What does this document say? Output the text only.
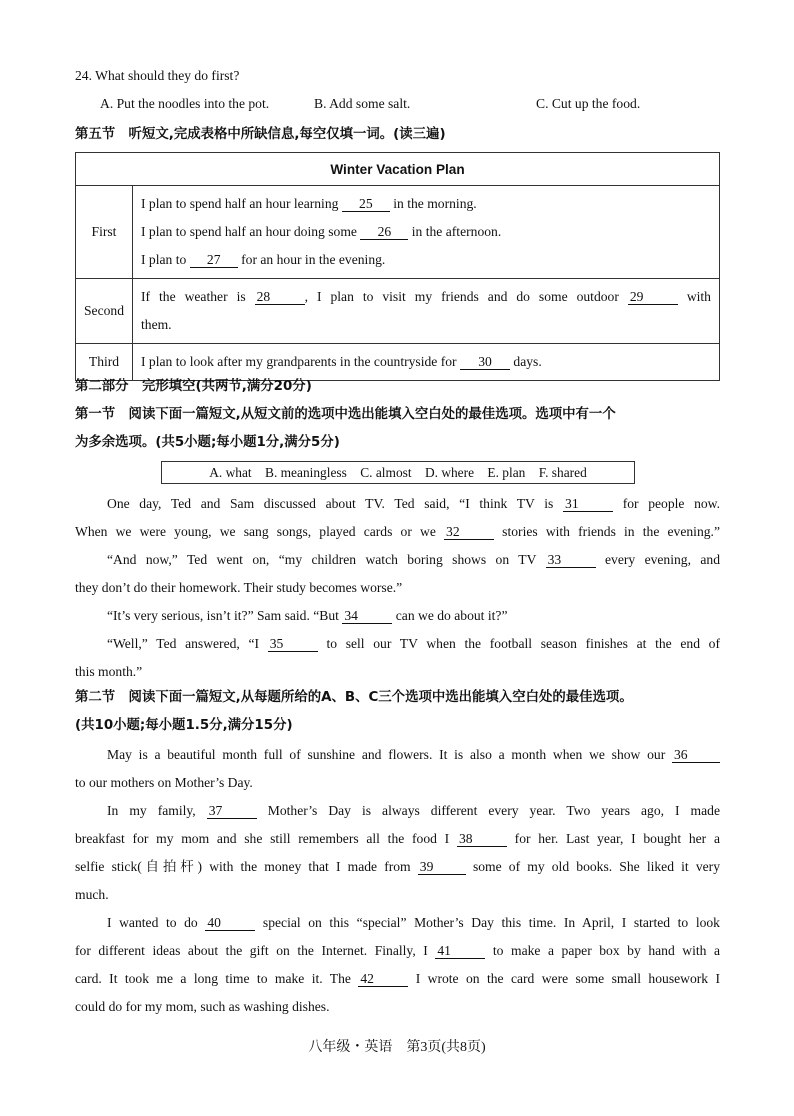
24. What should they do first?
A. Put the noodles into the pot.	B. Add some salt.	C. Cut up the food.
第五节　听短文,完成表格中所缺信息,每空仅填一词。(读三遍)
Winter Vacation Plan	
First	I plan to spend half an hour learning 25 in the morning.
I plan to spend half an hour doing some 26 in the afternoon.
I plan to 27 for an hour in the evening.

Second	If the weather is 28 , I plan to visit my friends and do some outdoor 29 with
them.

Third	I plan to look after my grandparents in the countryside for 30 days.
第二部分　完形填空(共两节,满分20分)
第一节　阅读下面一篇短文,从短文前的选项中选出能填入空白处的最佳选项。选项中有一个
为多余选项。(共5小题;每小题1分,满分5分)
A. what　B. meaningless　C. almost　D. where　E. plan　F. shared
One day, Ted and Sam discussed about TV. Ted said, “I think TV is 31	for people now.
When we were young, we sang songs, played cards or we 32	stories with friends in the evening.”
“And now,” Ted went on, “my children watch boring shows on TV 33	every evening, and
they don’t do their homework. Their study becomes worse.”
“It’s very serious, isn’t it?” Sam said. “But 34	can we do about it?”
“Well,” Ted answered, “I 35	to sell our TV when the football season finishes at the end of
this month.”
第二节　阅读下面一篇短文,从每题所给的A、B、C三个选项中选出能填入空白处的最佳选项。
(共10小题;每小题1.5分,满分15分)
May is a beautiful month full of sunshine and flowers. It is also a month when we show our 36
to our mothers on Mother’s Day.
In my family, 37	Mother’s Day is always different every year. Two years ago, I made
breakfast for my mom and she still remembers all the food I 38	for her. Last year, I bought her a
selfie stick(自拍杆) with the money that I made from 39	some of my old books. She liked it very
much.
I wanted to do 40	special on this “special” Mother’s Day this time. In April, I started to look
for different ideas about the gift on the Internet. Finally, I 41	to make a paper box by hand with a
card. It took me a long time to make it. The 42	I wrote on the card were some small housework I
could do for my mom, such as washing dishes.
八年级・英语　第3页(共8页)
